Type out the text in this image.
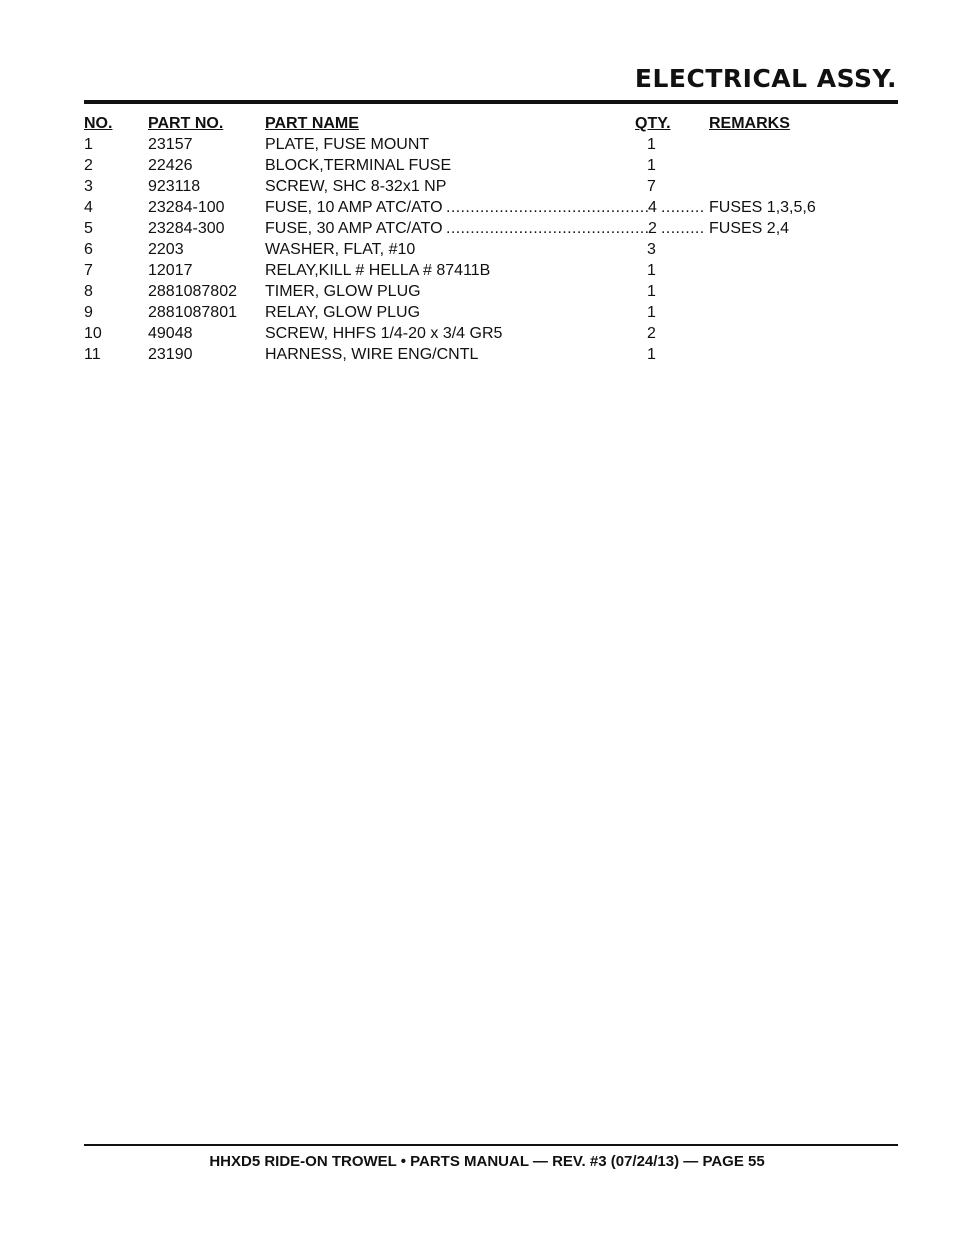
ELECTRICAL ASSY.
NO. PART NO.	PART NAME	QTY. REMARKS
1	23157	PLATE, FUSE MOUNT	1
2	22426	BLOCK,TERMINAL FUSE	1
3	923118	SCREW, SHC 8-32x1 NP	7
4	23284-100	FUSE, 10 AMP ATC/ATO	4	FUSES 1,3,5,6
.....
.....
5	23284-300	FUSE, 30 AMP ATC/ATO	2	FUSES 2,4
.....
.....
6	2203	WASHER, FLAT, #10	3
7	12017	RELAY,KILL # HELLA # 87411B	1
8	2881087802 TIMER, GLOW PLUG	1
9	2881087801 RELAY, GLOW PLUG	1
10	49048	SCREW, HHFS 1/4-20 x 3/4 GR5	2
11	23190	HARNESS, WIRE ENG/CNTL	1
HHXD5 RIDE-ON TROWEL • PARTS MANUAL — REV. #3 (07/24/13) — PAGE 55
